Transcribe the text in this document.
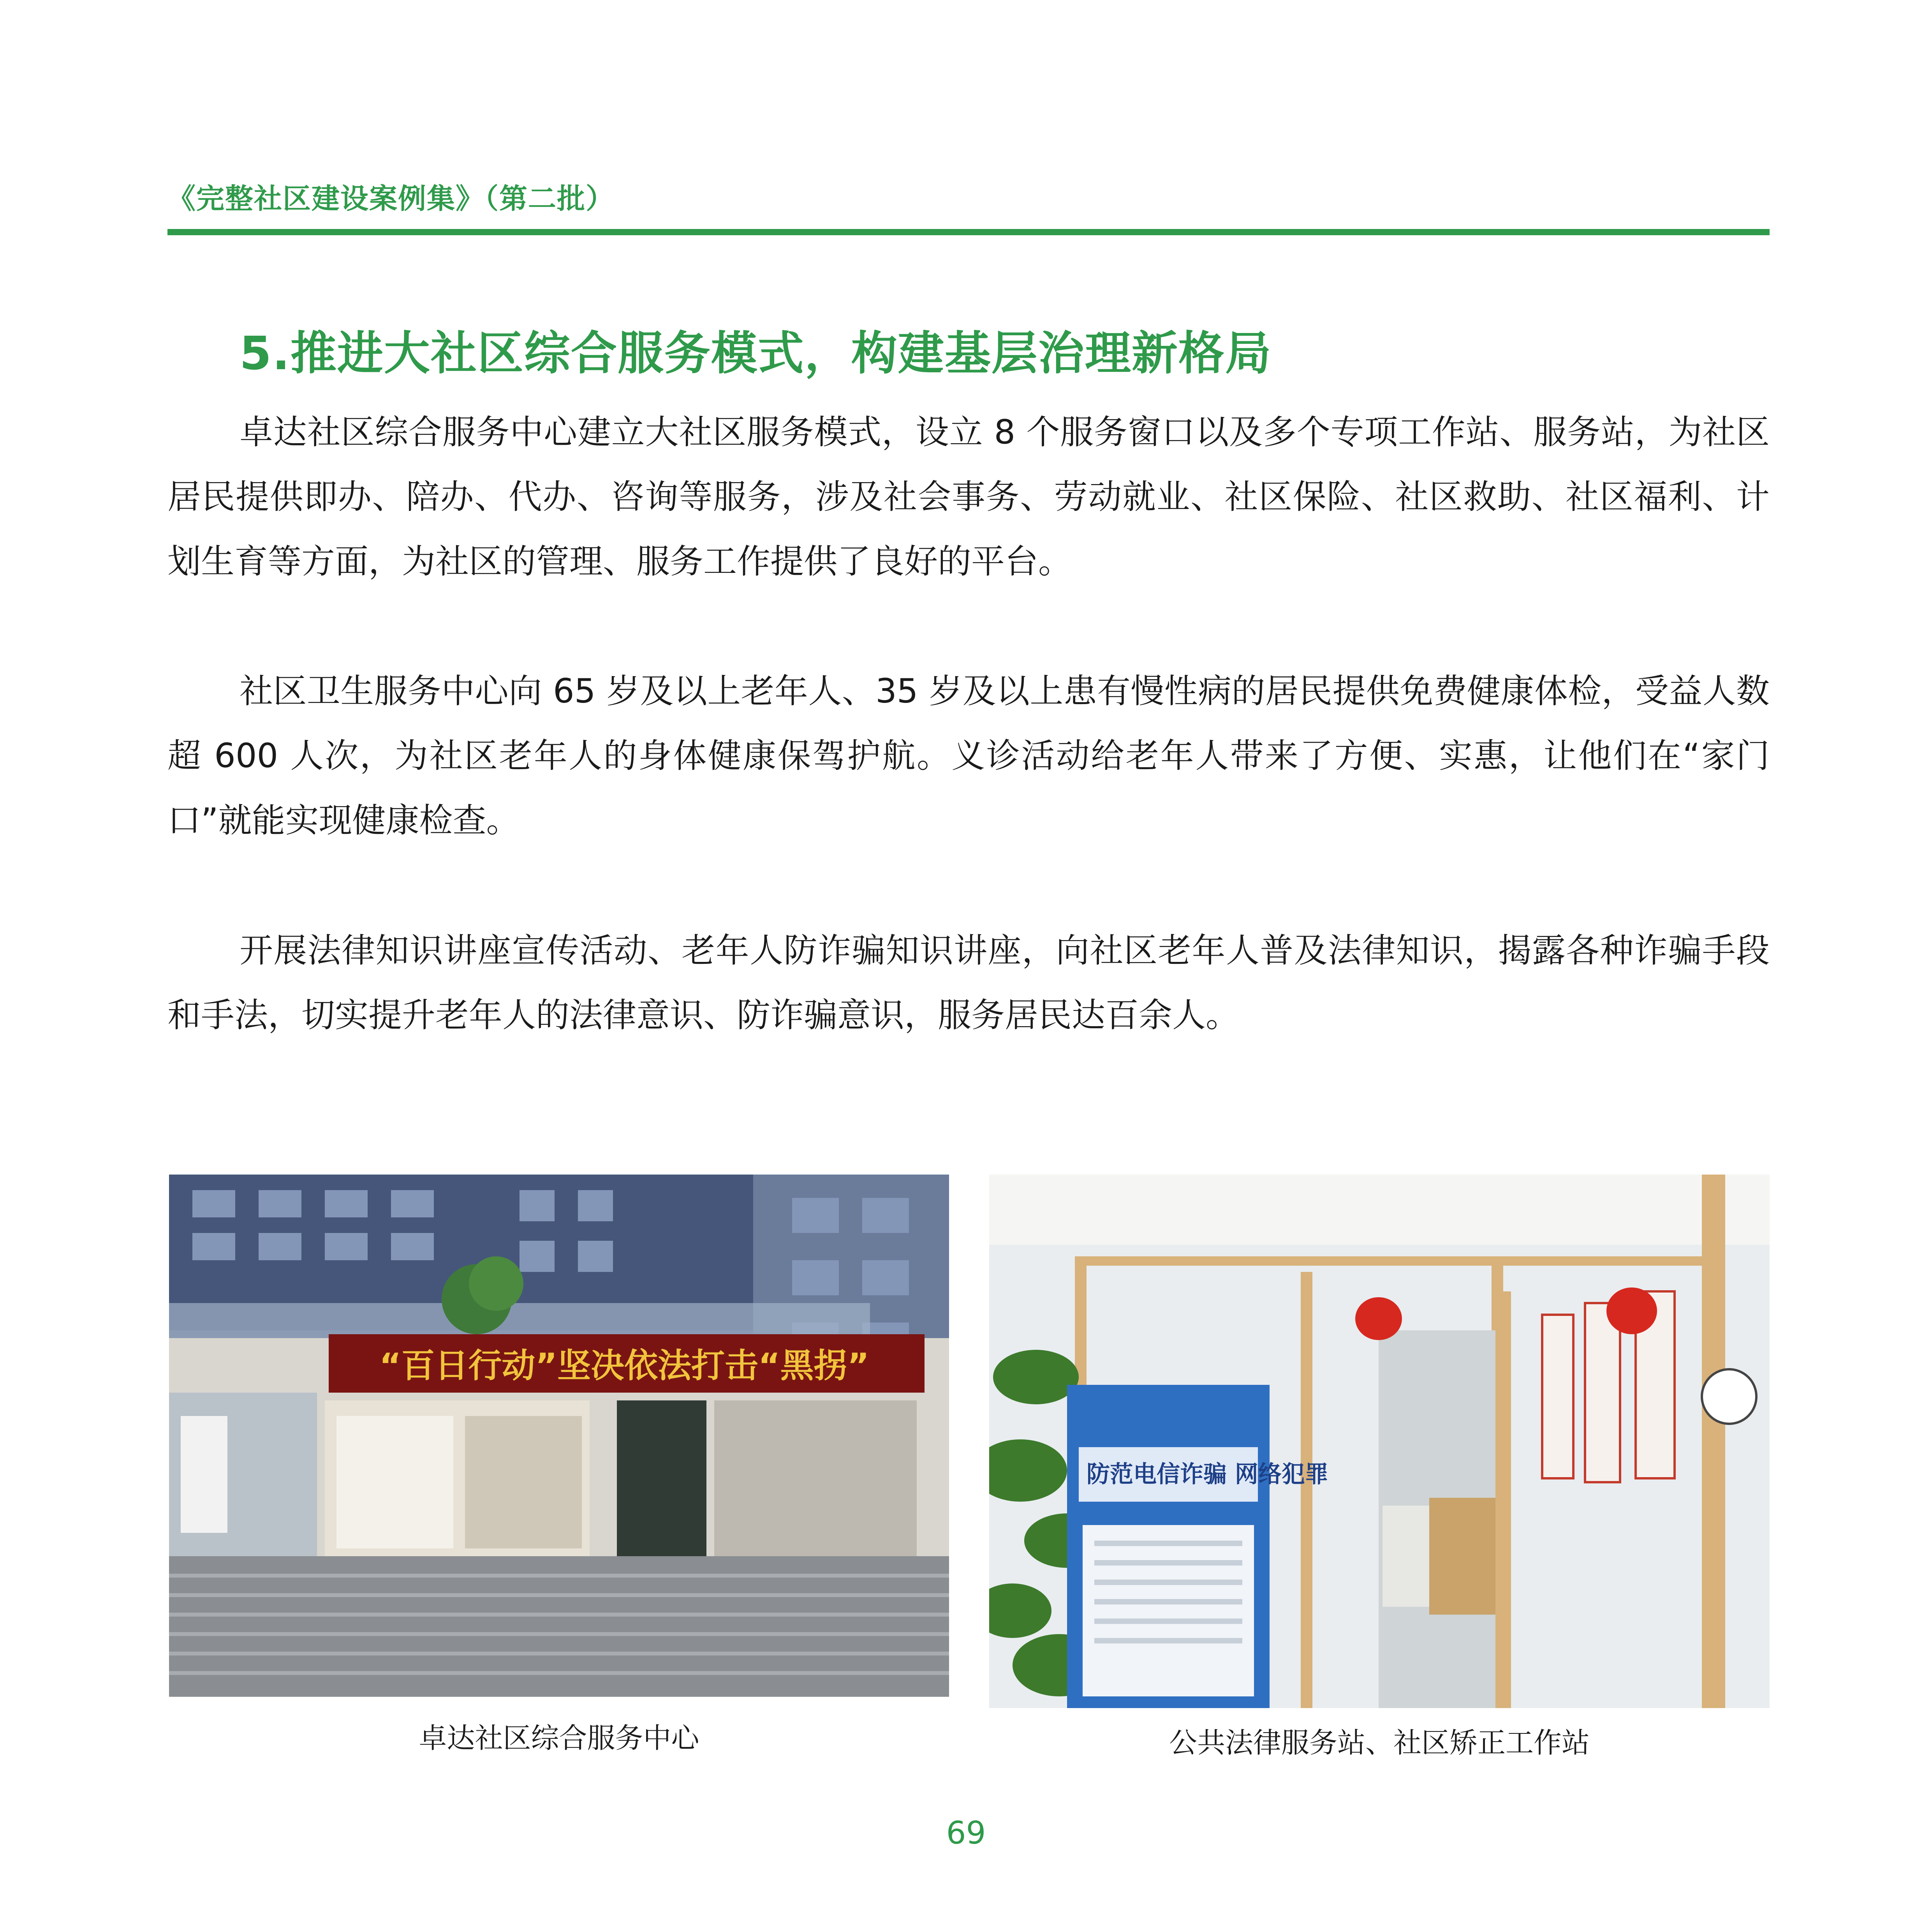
《完整社区建设案例集》（第二批）
5.推进大社区综合服务模式，构建基层治理新格局

卓达社区综合服务中心建立大社区服务模式，设立 8 个服务窗口以及多个专项工作站、服务站，为社区居民提供即办、陪办、代办、咨询等服务，涉及社会事务、劳动就业、社区保险、社区救助、社区福利、计划生育等方面，为社区的管理、服务工作提供了良好的平台。

社区卫生服务中心向 65 岁及以上老年人、35 岁及以上患有慢性病的居民提供免费健康体检，受益人数超 600 人次，为社区老年人的身体健康保驾护航。义诊活动给老年人带来了方便、实惠，让他们在“家门口”就能实现健康检查。

开展法律知识讲座宣传活动、老年人防诈骗知识讲座，向社区老年人普及法律知识，揭露各种诈骗手段和手法，切实提升老年人的法律意识、防诈骗意识，服务居民达百余人。

“百日行动”坚决依法打击“黑拐”
防范电信诈骗 网络犯罪
卓达社区综合服务中心	公共法律服务站、社区矫正工作站
69
